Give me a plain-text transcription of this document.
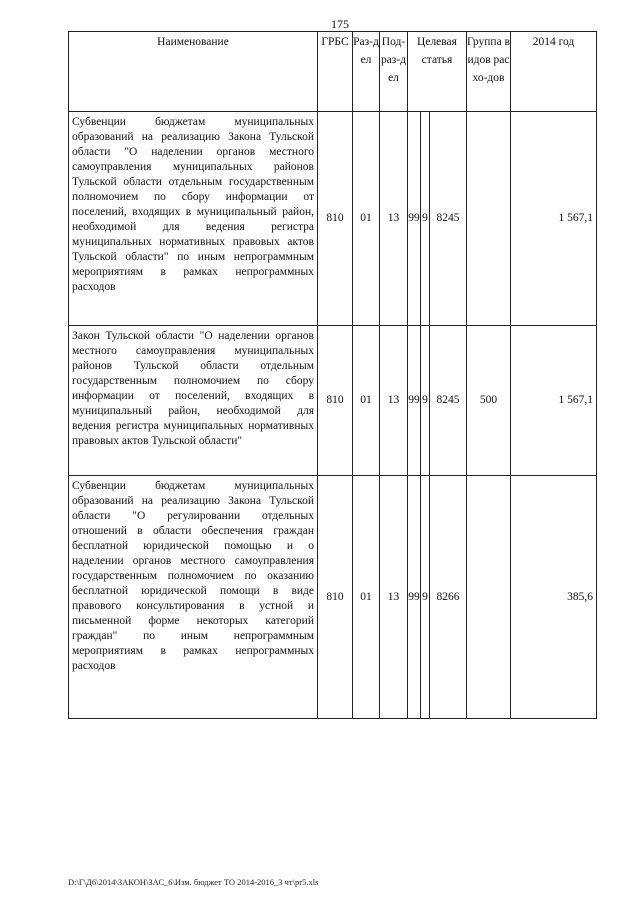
175
Наименование	ГРБС	Раз-дел	Под-раз-дел	Целевая статья			Группа видов расхо-дов	2014 год
Субвенции бюджетам муниципальных образований на реализацию Закона Тульской области "О наделении органов местного самоуправления муниципальных районов Тульской области отдельным государственным полномочием по сбору информации от поселений, входящих в муниципальный район, необходимой для ведения регистра муниципальных нормативных правовых актов Тульской области" по иным непрограммным мероприятиям в рамках непрограммных расходов	810	01	13	99	9	8245		1 567,1
Закон Тульской области "О наделении органов местного самоуправления муниципальных районов Тульской области отдельным государственным полномочием по сбору информации от поселений, входящих в муниципальный район, необходимой для ведения регистра муниципальных нормативных правовых актов Тульской области"	810	01	13	99	9	8245	500	1 567,1
Субвенции бюджетам муниципальных образований на реализацию Закона Тульской области "О регулировании отдельных отношений в области обеспечения граждан бесплатной юридической помощью и о наделении органов местного самоуправления государственным полномочием по оказанию бесплатной юридической помощи в виде правового консультирования в устной и письменной форме некоторых категорий граждан" по иным непрограммным мероприятиям в рамках непрограммных расходов	810	01	13	99	9	8266		385,6
D:\Г\Д6\2014\ЗАКОН\ЗАС_6\Изм. бюджет ТО 2014-2016_3 чт\pr5.xls
